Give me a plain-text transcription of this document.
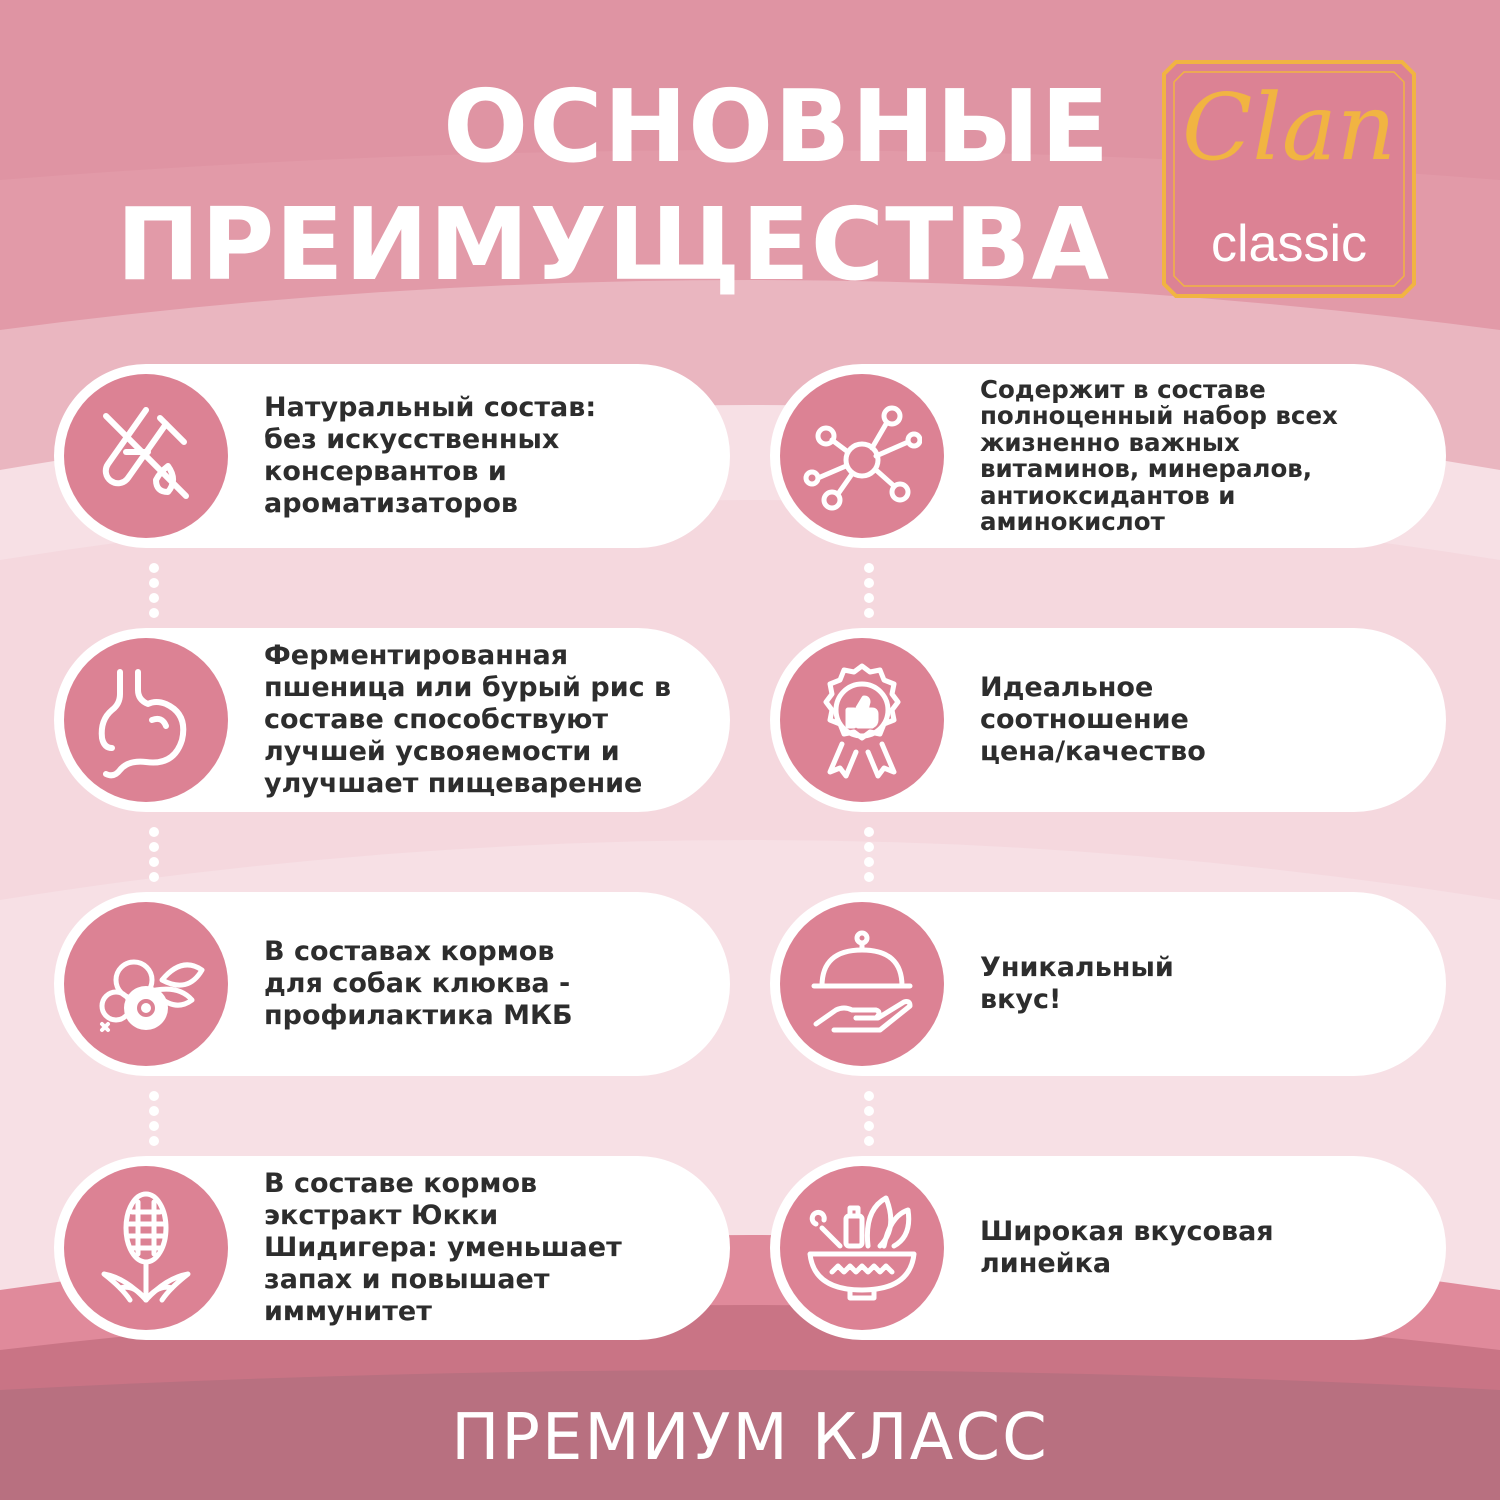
ОСНОВНЫЕ
ПРЕИМУЩЕСТВА
Clan
classic
Натуральный состав:
без искусственных
консервантов и
ароматизаторов
Ферментированная
пшеница или бурый рис в
составе способствуют
лучшей усвояемости и
улучшает пищеварение
В составах кормов
для собак клюква -
профилактика МКБ
В составе кормов
экстракт Юкки
Шидигера: уменьшает
запах и повышает
иммунитет
Содержит в составе
полноценный набор всех
жизненно важных
витаминов, минералов,
антиоксидантов и
аминокислот
Идеальное
соотношение
цена/качество
Уникальный
вкус!
Широкая вкусовая
линейка
ПРЕМИУМ КЛАСС
